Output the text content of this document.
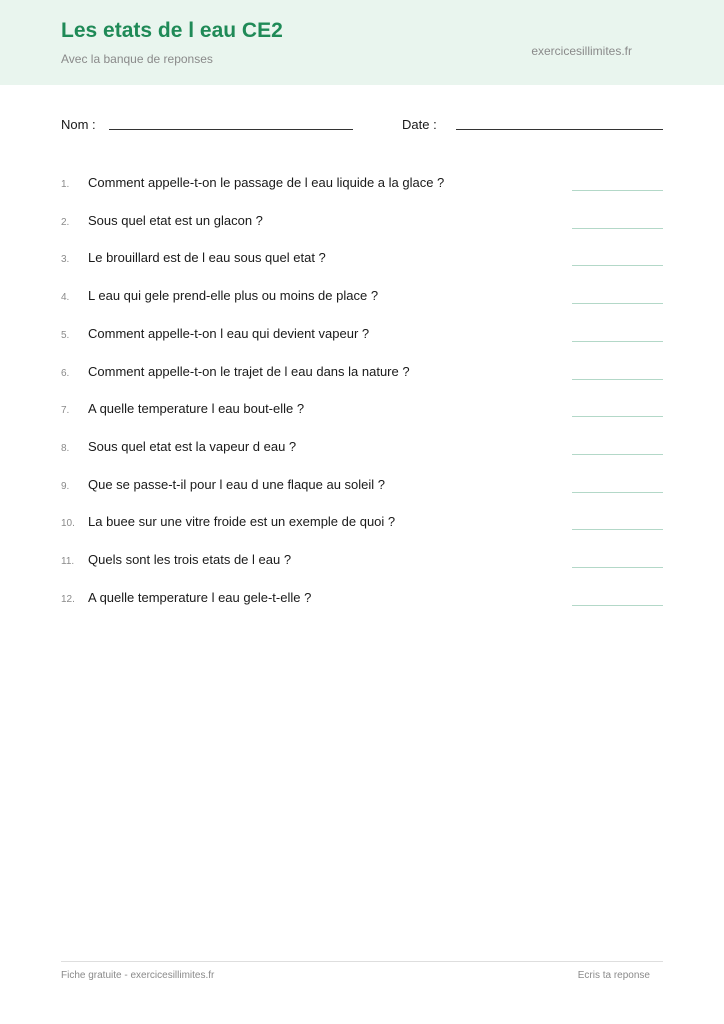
Les etats de l eau CE2
Avec la banque de reponses
exercicesillimites.fr
Nom :	Date :
1.	Comment appelle-t-on le passage de l eau liquide a la glace ?
2.	Sous quel etat est un glacon ?
3.	Le brouillard est de l eau sous quel etat ?
4.	L eau qui gele prend-elle plus ou moins de place ?
5.	Comment appelle-t-on l eau qui devient vapeur ?
6.	Comment appelle-t-on le trajet de l eau dans la nature ?
7.	A quelle temperature l eau bout-elle ?
8.	Sous quel etat est la vapeur d eau ?
9.	Que se passe-t-il pour l eau d une flaque au soleil ?
10.	La buee sur une vitre froide est un exemple de quoi ?
11.	Quels sont les trois etats de l eau ?
12.	A quelle temperature l eau gele-t-elle ?
Fiche gratuite - exercicesillimites.fr	Ecris ta reponse
